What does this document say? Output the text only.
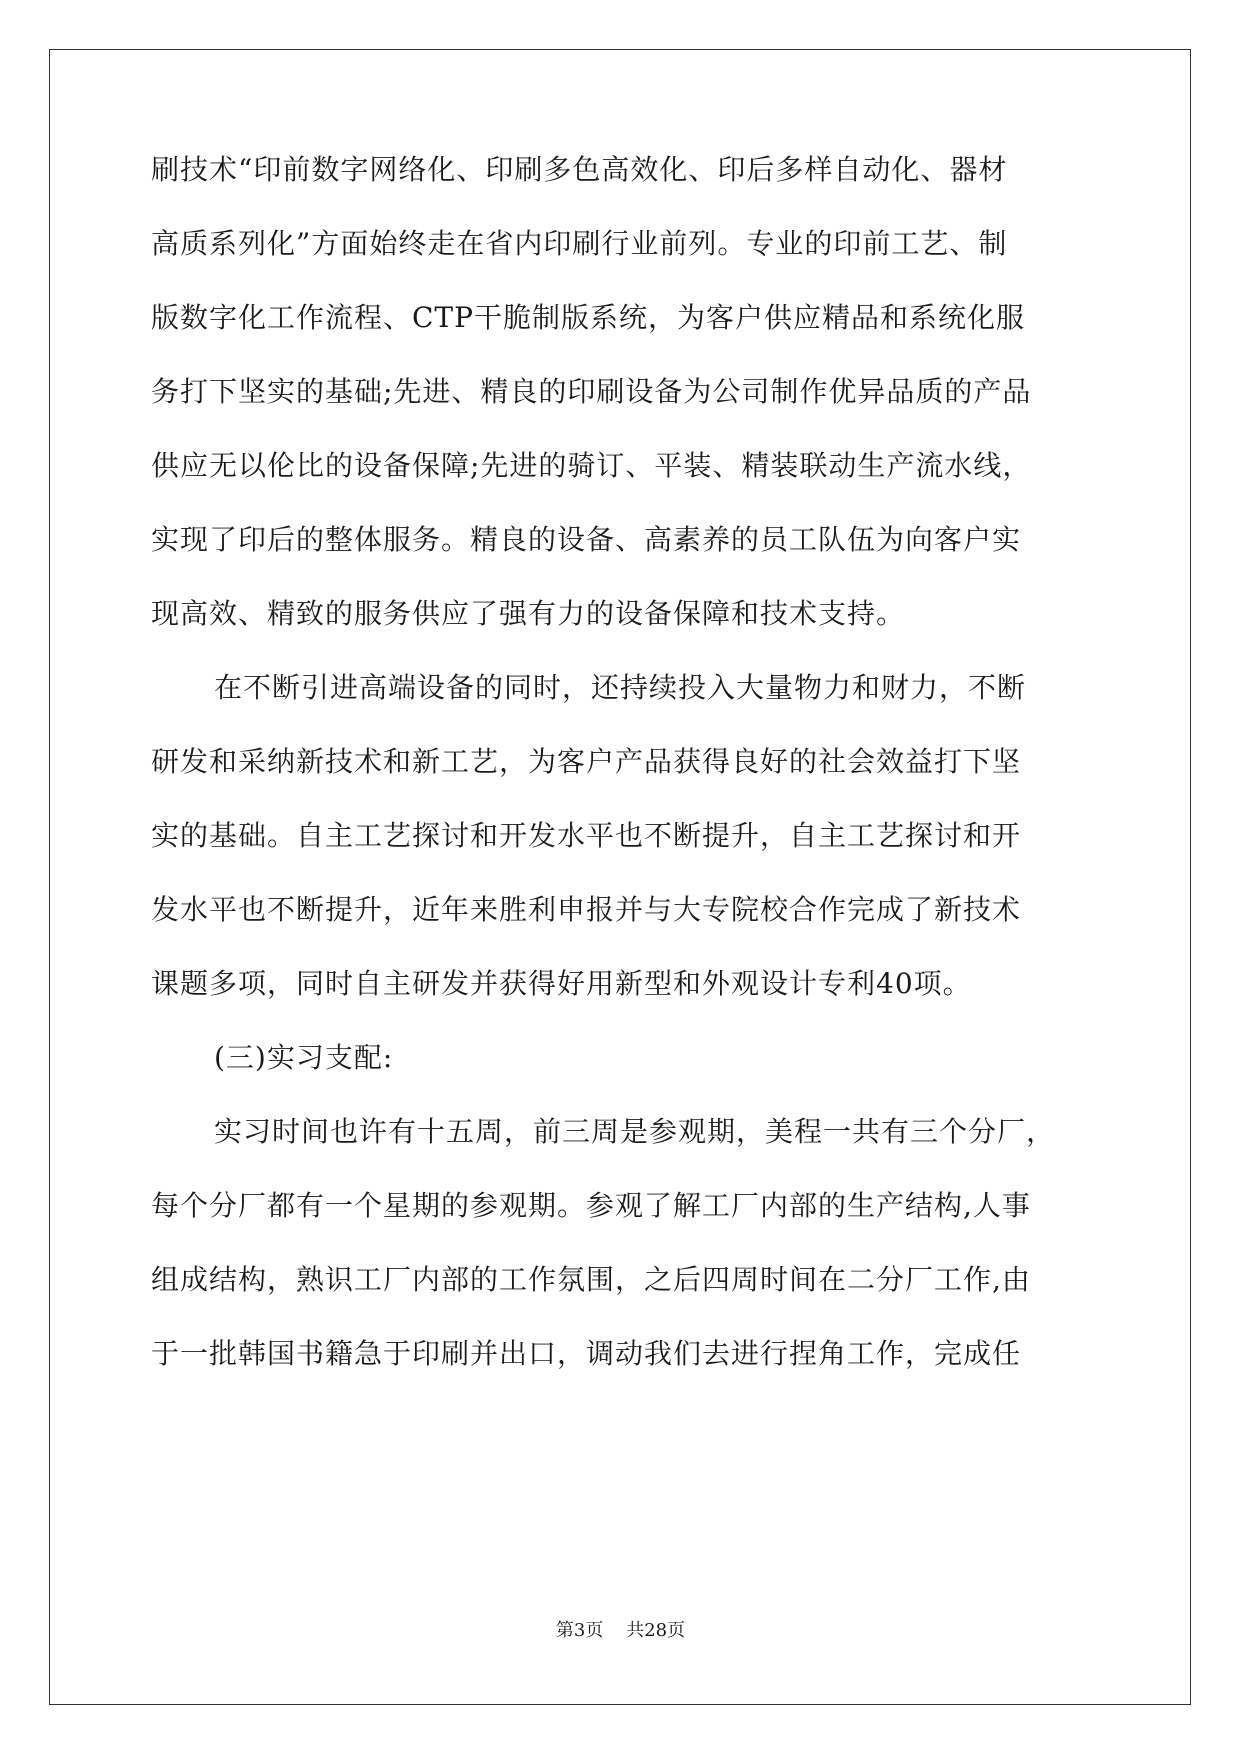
刷技术“印前数字网络化、印刷多色高效化、印后多样自动化、器材
高质系列化”方面始终走在省内印刷行业前列。专业的印前工艺、制
版数字化工作流程、CTP干脆制版系统，为客户供应精品和系统化服
务打下坚实的基础;先进、精良的印刷设备为公司制作优异品质的产品
供应无以伦比的设备保障;先进的骑订、平装、精装联动生产流水线，
实现了印后的整体服务。精良的设备、高素养的员工队伍为向客户实
现高效、精致的服务供应了强有力的设备保障和技术支持。
在不断引进高端设备的同时，还持续投入大量物力和财力，不断
研发和采纳新技术和新工艺，为客户产品获得良好的社会效益打下坚
实的基础。自主工艺探讨和开发水平也不断提升，自主工艺探讨和开
发水平也不断提升，近年来胜利申报并与大专院校合作完成了新技术
课题多项，同时自主研发并获得好用新型和外观设计专利40项。
(三)实习支配:
实习时间也许有十五周，前三周是参观期，美程一共有三个分厂，
每个分厂都有一个星期的参观期。参观了解工厂内部的生产结构,人事
组成结构，熟识工厂内部的工作氛围，之后四周时间在二分厂工作,由
于一批韩国书籍急于印刷并出口，调动我们去进行捏角工作，完成任
第3页    共28页
